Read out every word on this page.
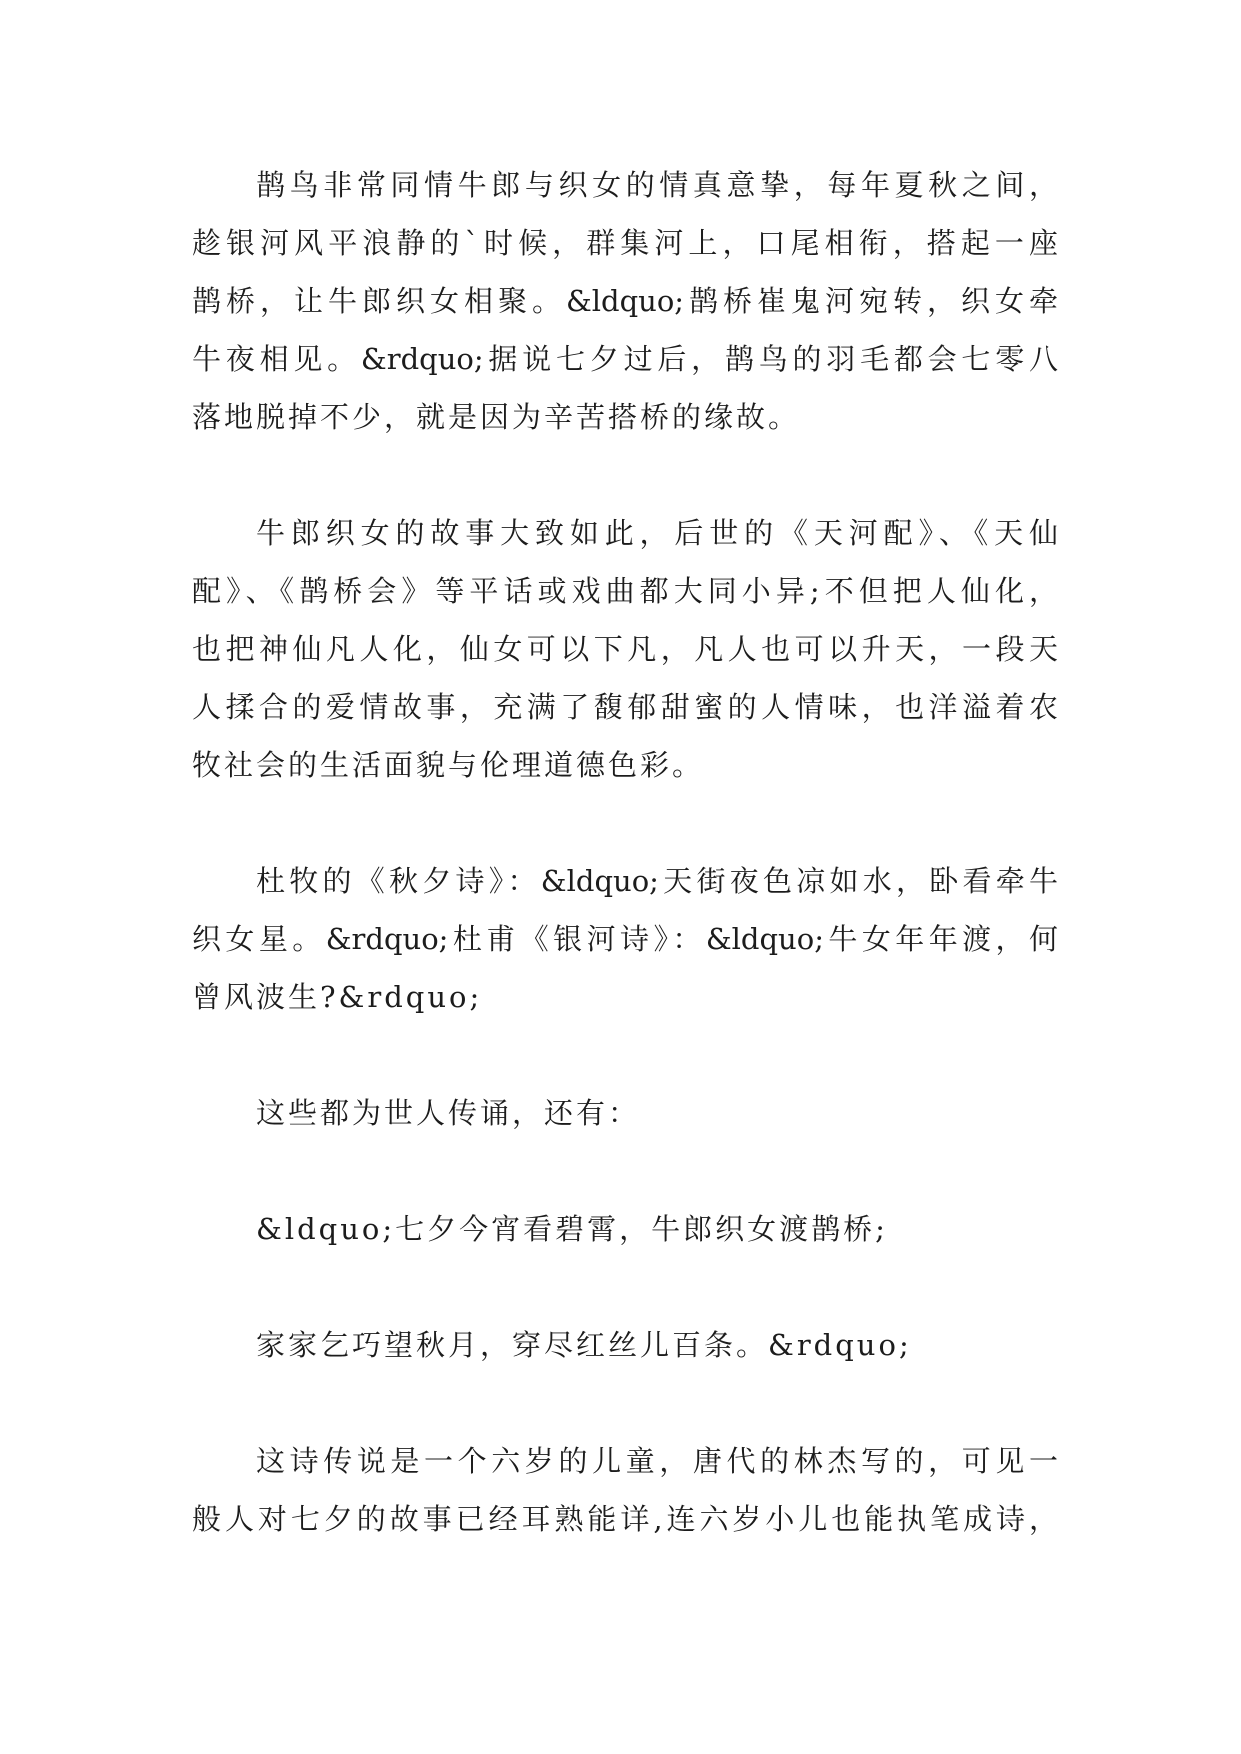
鹊鸟非常同情牛郎与织女的情真意挚，每年夏秋之间，
趁银河风平浪静的`时候，群集河上，口尾相衔，搭起一座
鹊桥，让牛郎织女相聚。&ldquo;鹊桥崔鬼河宛转，织女牵
牛夜相见。&rdquo;据说七夕过后，鹊鸟的羽毛都会七零八
落地脱掉不少，就是因为辛苦搭桥的缘故。
牛郎织女的故事大致如此，后世的《天河配》、《天仙
配》、《鹊桥会》等平话或戏曲都大同小异;不但把人仙化，
也把神仙凡人化，仙女可以下凡，凡人也可以升天，一段天
人揉合的爱情故事，充满了馥郁甜蜜的人情味，也洋溢着农
牧社会的生活面貌与伦理道德色彩。
杜牧的《秋夕诗》：&ldquo;天街夜色凉如水，卧看牵牛
织女星。&rdquo;杜甫《银河诗》：&ldquo;牛女年年渡，何
曾风波生?&rdquo;
这些都为世人传诵，还有：
&ldquo;七夕今宵看碧霄，牛郎织女渡鹊桥;
家家乞巧望秋月，穿尽红丝儿百条。&rdquo;
这诗传说是一个六岁的儿童，唐代的林杰写的，可见一
般人对七夕的故事已经耳熟能详,连六岁小儿也能执笔成诗，
